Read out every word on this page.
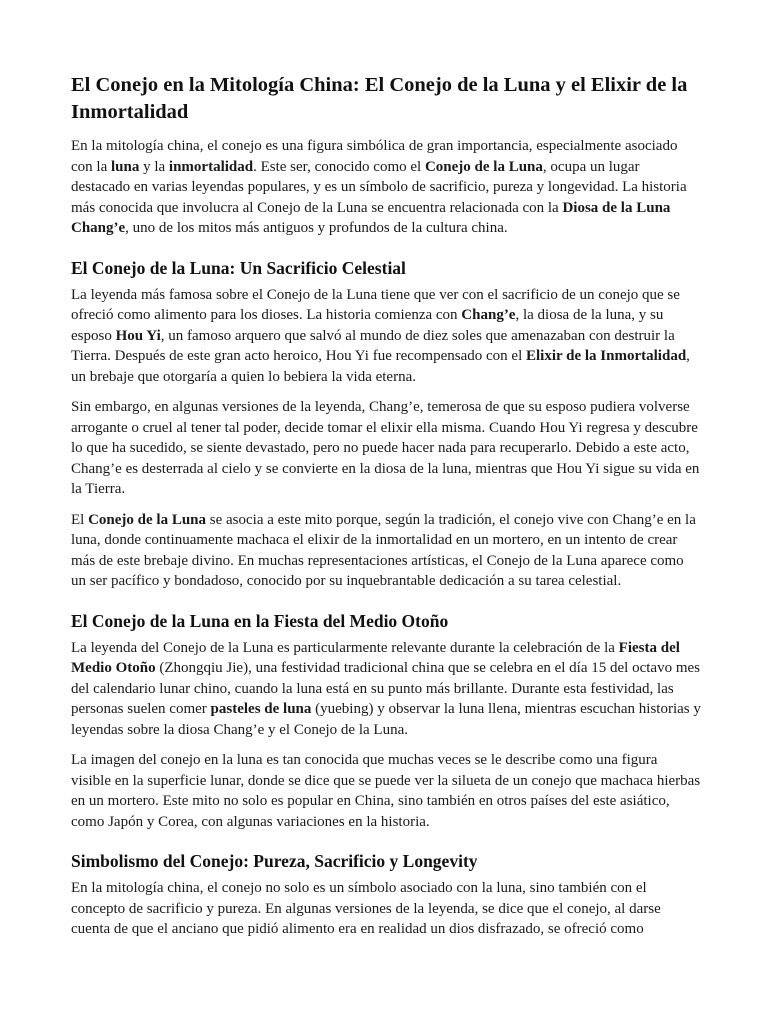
El Conejo en la Mitología China: El Conejo de la Luna y el Elixir de la Inmortalidad

En la mitología china, el conejo es una figura simbólica de gran importancia, especialmente asociado con la luna y la inmortalidad. Este ser, conocido como el Conejo de la Luna, ocupa un lugar destacado en varias leyendas populares, y es un símbolo de sacrificio, pureza y longevidad. La historia más conocida que involucra al Conejo de la Luna se encuentra relacionada con la Diosa de la Luna Chang’e, uno de los mitos más antiguos y profundos de la cultura china.

El Conejo de la Luna: Un Sacrificio Celestial

La leyenda más famosa sobre el Conejo de la Luna tiene que ver con el sacrificio de un conejo que se ofreció como alimento para los dioses. La historia comienza con Chang’e, la diosa de la luna, y su esposo Hou Yi, un famoso arquero que salvó al mundo de diez soles que amenazaban con destruir la Tierra. Después de este gran acto heroico, Hou Yi fue recompensado con el Elixir de la Inmortalidad, un brebaje que otorgaría a quien lo bebiera la vida eterna.

Sin embargo, en algunas versiones de la leyenda, Chang’e, temerosa de que su esposo pudiera volverse arrogante o cruel al tener tal poder, decide tomar el elixir ella misma. Cuando Hou Yi regresa y descubre lo que ha sucedido, se siente devastado, pero no puede hacer nada para recuperarlo. Debido a este acto, Chang’e es desterrada al cielo y se convierte en la diosa de la luna, mientras que Hou Yi sigue su vida en la Tierra.

El Conejo de la Luna se asocia a este mito porque, según la tradición, el conejo vive con Chang’e en la luna, donde continuamente machaca el elixir de la inmortalidad en un mortero, en un intento de crear más de este brebaje divino. En muchas representaciones artísticas, el Conejo de la Luna aparece como un ser pacífico y bondadoso, conocido por su inquebrantable dedicación a su tarea celestial.

El Conejo de la Luna en la Fiesta del Medio Otoño

La leyenda del Conejo de la Luna es particularmente relevante durante la celebración de la Fiesta del Medio Otoño (Zhongqiu Jie), una festividad tradicional china que se celebra en el día 15 del octavo mes del calendario lunar chino, cuando la luna está en su punto más brillante. Durante esta festividad, las personas suelen comer pasteles de luna (yuebing) y observar la luna llena, mientras escuchan historias y leyendas sobre la diosa Chang’e y el Conejo de la Luna.

La imagen del conejo en la luna es tan conocida que muchas veces se le describe como una figura visible en la superficie lunar, donde se dice que se puede ver la silueta de un conejo que machaca hierbas en un mortero. Este mito no solo es popular en China, sino también en otros países del este asiático, como Japón y Corea, con algunas variaciones en la historia.

Simbolismo del Conejo: Pureza, Sacrificio y Longevity

En la mitología china, el conejo no solo es un símbolo asociado con la luna, sino también con el concepto de sacrificio y pureza. En algunas versiones de la leyenda, se dice que el conejo, al darse cuenta de que el anciano que pidió alimento era en realidad un dios disfrazado, se ofreció como
